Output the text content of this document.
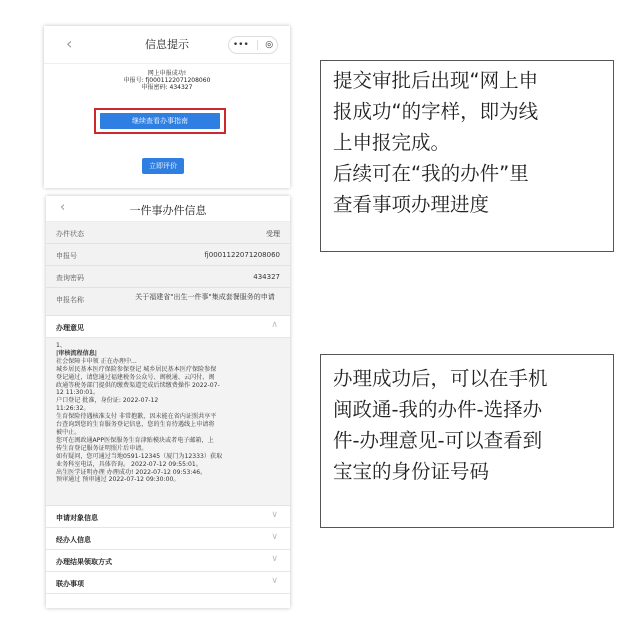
‹	信息提示	••• ◎
网上申报成功!
申报号: fj0001122071208060
申报密码: 434327
继续查看办事指南
立即评价
‹	一件事办件信息
办件状态	受理
申报号	fj0001122071208060
查询密码	434327
申报名称	关于福建省"出生一件事"集成套餐服务的申请
办理意见	∧
1、
|审核流程信息|
社会保障卡申领 正在办理中...
城乡居民基本医疗保险参保登记 城乡居民基本医疗保险参保
登记通过，请您通过福建税务公众号、闽税通、云闪付、闽
政通等税务部门提供的缴费渠道完成后续缴费操作 2022-07-
12 11:30:01。
户口登记 批准，身份证: 2022-07-12
11:26:32。
生育保险待遇核准支付 非常抱歉，因未能在省内证照共享平
台查询到您的生育服务登记信息，您的生育待遇线上申请将
被中止。
您可在闽政通APP医保服务生育津贴模块或者电子邮箱，上
传生育登记服务证明照片后申请。
如有疑问，您可通过当地0591-12345（厦门为12333）获取
业务科室电话，具体咨询。 2022-07-12 09:55:01。
出生医学证明办理 办理成功! 2022-07-12 09:53:46。
预审通过 预审通过 2022-07-12 09:30:00。
申请对象信息	∨
经办人信息	∨
办理结果领取方式	∨
联办事项	∨
提交审批后出现“网上申
报成功“的字样，即为线
上申报完成。
后续可在“我的办件”里
查看事项办理进度
办理成功后，可以在手机
闽政通-我的办件-选择办
件-办理意见-可以查看到
宝宝的身份证号码
